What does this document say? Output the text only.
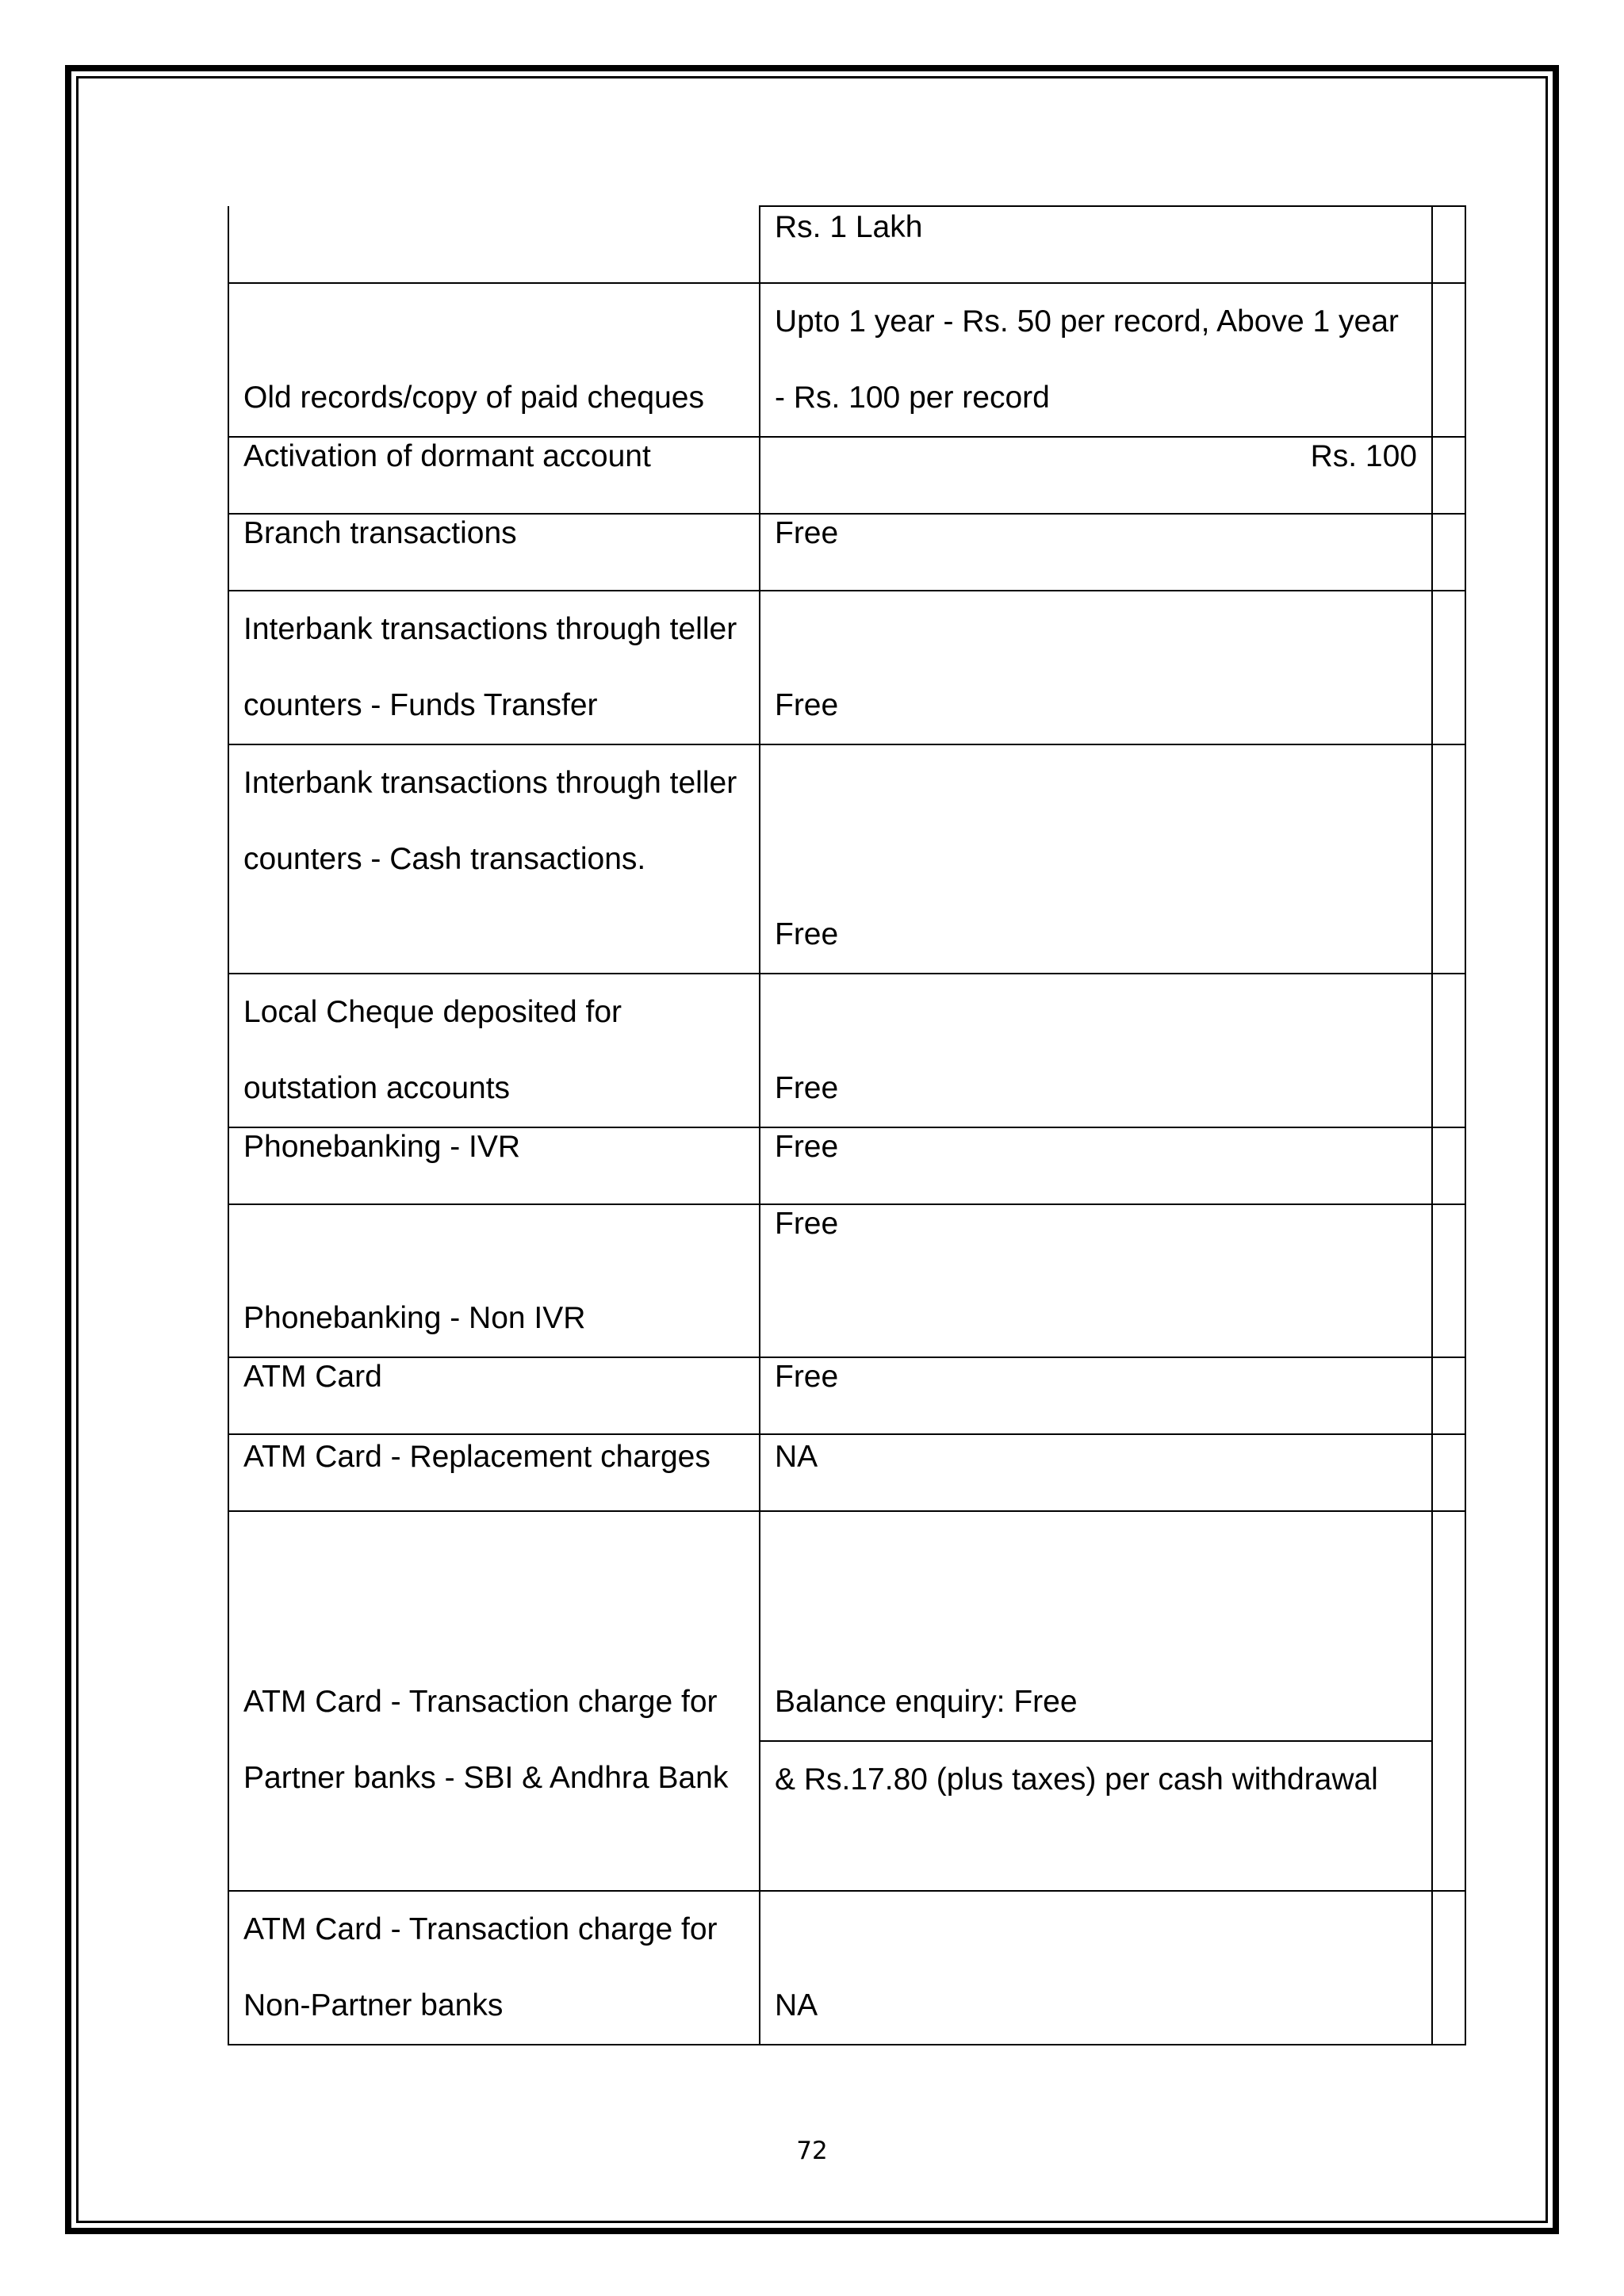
	Rs. 1 Lakh	
Old records/copy of paid cheques	Upto 1 year - Rs. 50 per record, Above 1 year - Rs. 100 per record	
Activation of dormant account	Rs. 100	
Branch transactions	Free	
Interbank transactions through teller counters - Funds Transfer	Free	
Interbank transactions through teller counters - Cash transactions.	Free	
Local Cheque deposited for outstation accounts	Free	
Phonebanking - IVR	Free	
Phonebanking - Non IVR	Free	
ATM Card	Free	
ATM Card - Replacement charges	NA	

ATM Card - Transaction charge for Partner banks - SBI & Andhra Bank	Balance enquiry: Free
& Rs.17.80 (plus taxes) per cash withdrawal	

ATM Card - Transaction charge for Non-Partner banks	NA	
72
